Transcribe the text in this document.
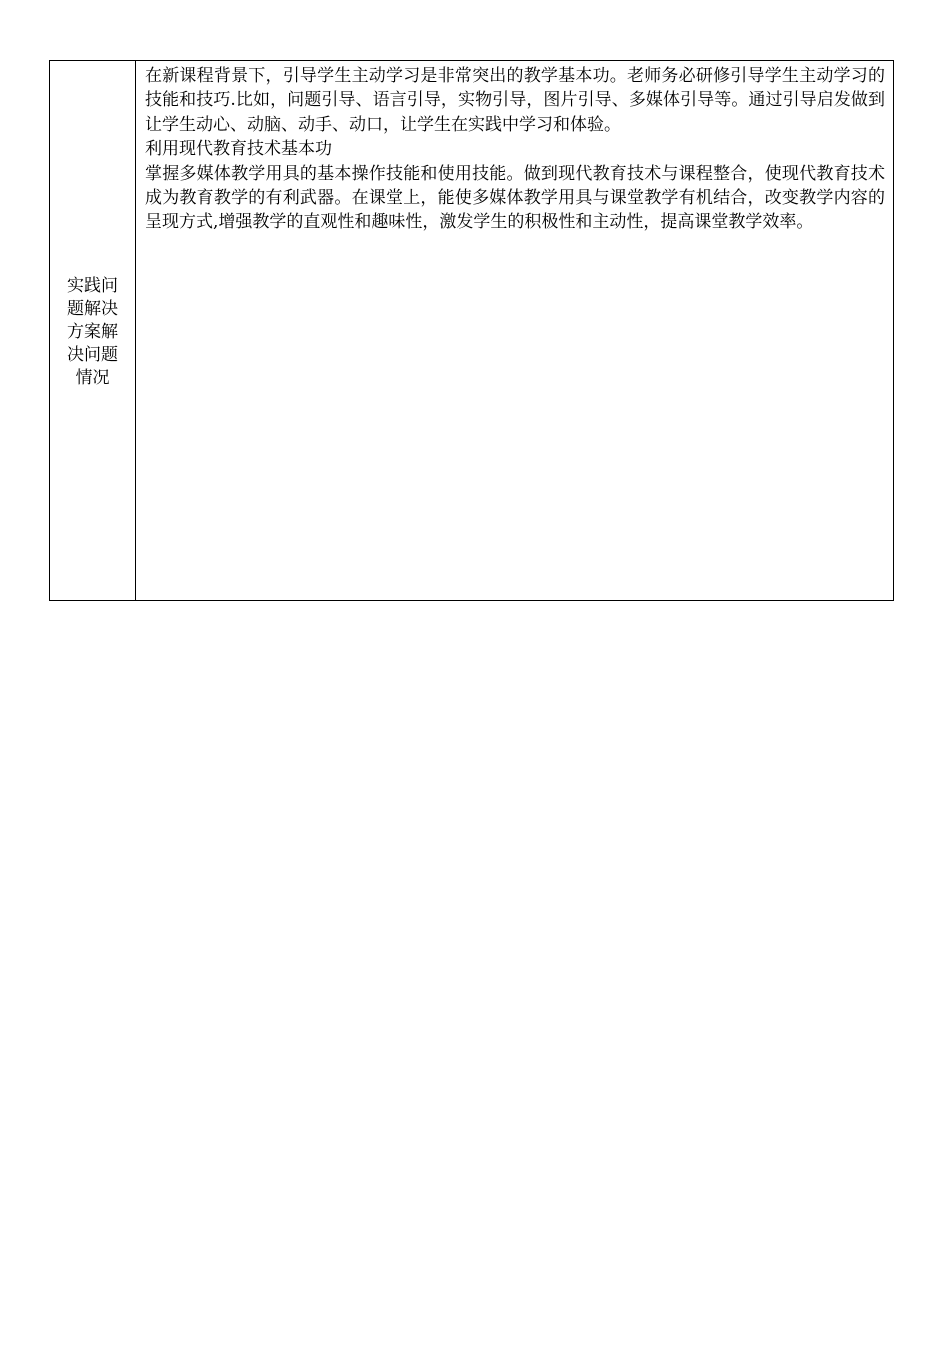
实践问题解决方案解决问题情况

在新课程背景下，引导学生主动学习是非常突出的教学基本功。老师务必研修引导学生主动学习的技能和技巧.比如，问题引导、语言引导，实物引导，图片引导、多媒体引导等。通过引导启发做到让学生动心、动脑、动手、动口，让学生在实践中学习和体验。

利用现代教育技术基本功

掌握多媒体教学用具的基本操作技能和使用技能。做到现代教育技术与课程整合，使现代教育技术成为教育教学的有利武器。在课堂上，能使多媒体教学用具与课堂教学有机结合，改变教学内容的呈现方式,增强教学的直观性和趣味性，激发学生的积极性和主动性，提高课堂教学效率。
